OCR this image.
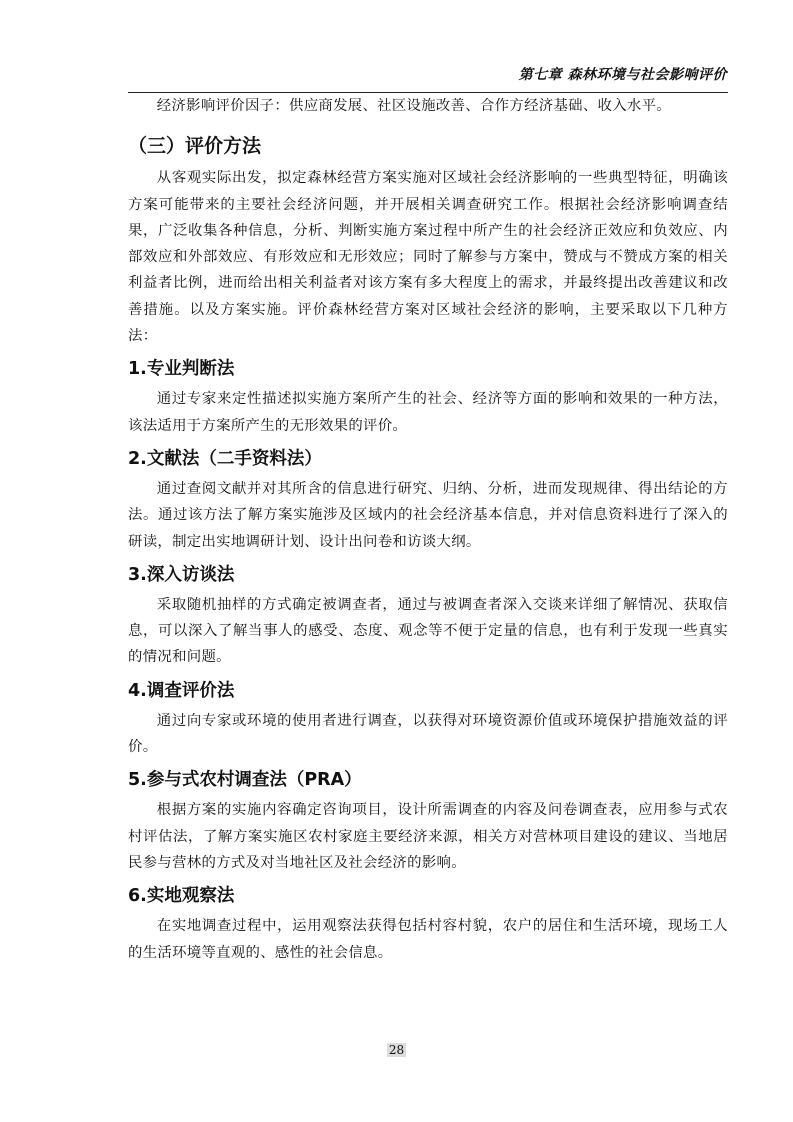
第七章 森林环境与社会影响评价

经济影响评价因子：供应商发展、社区设施改善、合作方经济基础、收入水平。

（三）评价方法

从客观实际出发，拟定森林经营方案实施对区域社会经济影响的一些典型特征，明确该方案可能带来的主要社会经济问题，并开展相关调查研究工作。根据社会经济影响调查结果，广泛收集各种信息，分析、判断实施方案过程中所产生的社会经济正效应和负效应、内部效应和外部效应、有形效应和无形效应；同时了解参与方案中，赞成与不赞成方案的相关利益者比例，进而给出相关利益者对该方案有多大程度上的需求，并最终提出改善建议和改善措施。以及方案实施。评价森林经营方案对区域社会经济的影响，主要采取以下几种方法：

1.专业判断法

通过专家来定性描述拟实施方案所产生的社会、经济等方面的影响和效果的一种方法，该法适用于方案所产生的无形效果的评价。

2.文献法（二手资料法）

通过查阅文献并对其所含的信息进行研究、归纳、分析，进而发现规律、得出结论的方法。通过该方法了解方案实施涉及区域内的社会经济基本信息，并对信息资料进行了深入的研读，制定出实地调研计划、设计出问卷和访谈大纲。

3.深入访谈法

采取随机抽样的方式确定被调查者，通过与被调查者深入交谈来详细了解情况、获取信息，可以深入了解当事人的感受、态度、观念等不便于定量的信息，也有利于发现一些真实的情况和问题。

4.调查评价法

通过向专家或环境的使用者进行调查，以获得对环境资源价值或环境保护措施效益的评价。

5.参与式农村调查法（PRA）

根据方案的实施内容确定咨询项目，设计所需调查的内容及问卷调查表，应用参与式农村评估法，了解方案实施区农村家庭主要经济来源，相关方对营林项目建设的建议、当地居民参与营林的方式及对当地社区及社会经济的影响。

6.实地观察法

在实地调查过程中，运用观察法获得包括村容村貌，农户的居住和生活环境，现场工人的生活环境等直观的、感性的社会信息。

28
